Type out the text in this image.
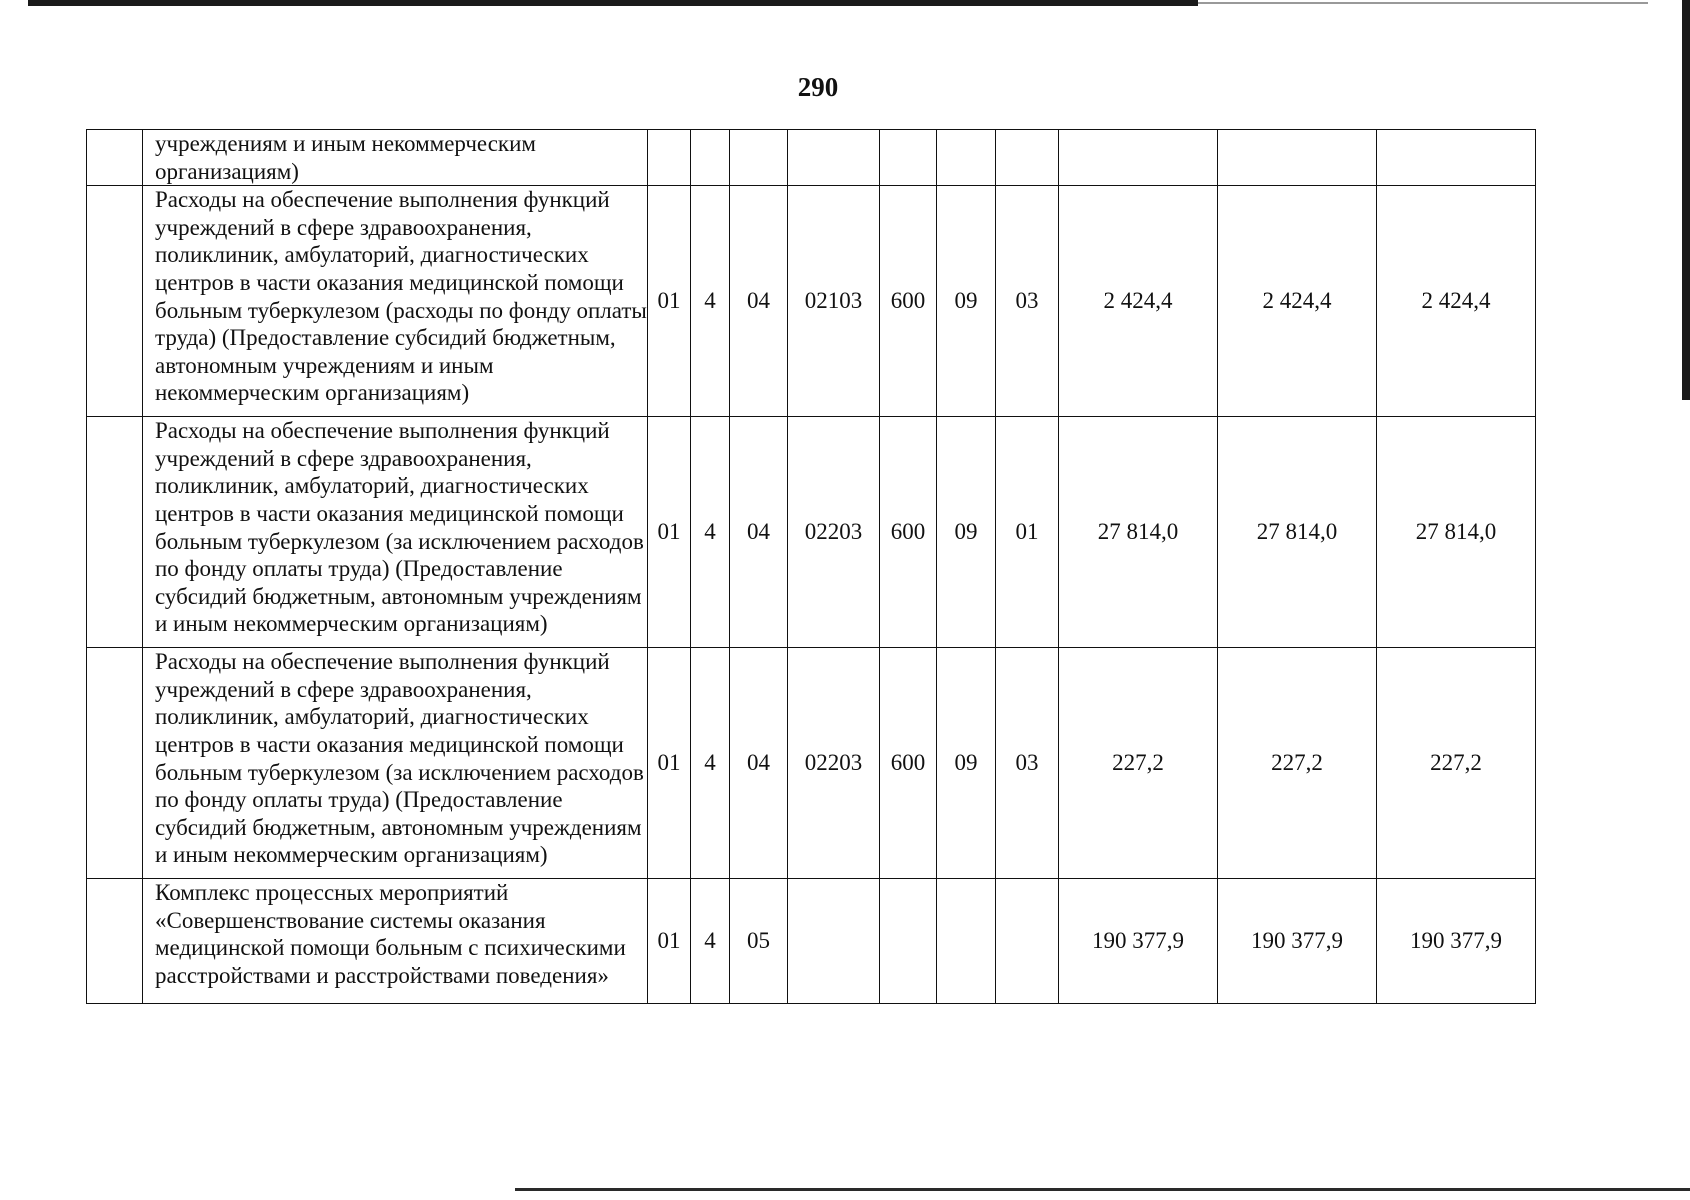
290
	учреждениям и иным некоммерческим организациям)										
	Расходы на обеспечение выполнения функций учреждений в сфере здравоохранения, поликлиник, амбулаторий, диагностических центров в части оказания медицинской помощи больным туберкулезом (расходы по фонду оплаты труда) (Предоставление субсидий бюджетным, автономным учреждениям и иным некоммерческим организациям)	01	4	04	02103	600	09	03	2 424,4	2 424,4	2 424,4
	Расходы на обеспечение выполнения функций учреждений в сфере здравоохранения, поликлиник, амбулаторий, диагностических центров в части оказания медицинской помощи больным туберкулезом (за исключением расходов по фонду оплаты труда) (Предоставление субсидий бюджетным, автономным учреждениям и иным некоммерческим организациям)	01	4	04	02203	600	09	01	27 814,0	27 814,0	27 814,0
	Расходы на обеспечение выполнения функций учреждений в сфере здравоохранения, поликлиник, амбулаторий, диагностических центров в части оказания медицинской помощи больным туберкулезом (за исключением расходов по фонду оплаты труда) (Предоставление субсидий бюджетным, автономным учреждениям и иным некоммерческим организациям)	01	4	04	02203	600	09	03	227,2	227,2	227,2
	Комплекс процессных мероприятий «Совершенствование системы оказания медицинской помощи больным с психическими расстройствами и расстройствами поведения»	01	4	05					190 377,9	190 377,9	190 377,9
